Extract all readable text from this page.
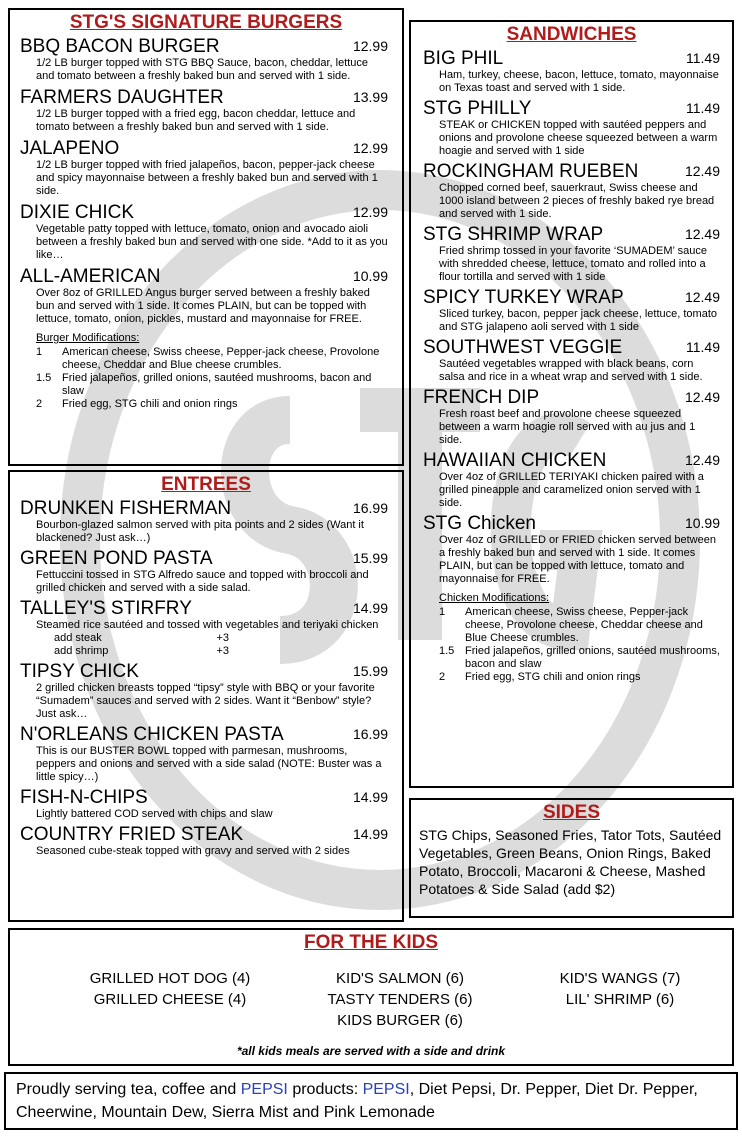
STG'S SIGNATURE BURGERS
BBQ BACON BURGER	12.99
1/2 LB burger topped with STG BBQ Sauce, bacon, cheddar, lettuce and tomato between a freshly baked bun and served with 1 side.
FARMERS DAUGHTER	13.99
1/2 LB burger topped with a fried egg, bacon cheddar, lettuce and tomato between a freshly baked bun and served with 1 side.
JALAPENO	12.99
1/2 LB burger topped with fried jalapeños, bacon, pepper-jack cheese and spicy mayonnaise between a freshly baked bun and served with 1 side.
DIXIE CHICK	12.99
Vegetable patty topped with lettuce, tomato, onion and avocado aioli between a freshly baked bun and served with one side. *Add to it as you like…
ALL-AMERICAN	10.99
Over 8oz of GRILLED Angus burger served between a freshly baked bun and served with 1 side. It comes PLAIN, but can be topped with lettuce, tomato, onion, pickles, mustard and mayonnaise for FREE.
Burger Modifications:
1	American cheese, Swiss cheese, Pepper-jack cheese, Provolone cheese, Cheddar and Blue cheese crumbles.
1.5 Fried jalapeños, grilled onions, sautéed mushrooms, bacon and slaw
2	Fried egg, STG chili and onion rings
ENTREES
DRUNKEN FISHERMAN	16.99
Bourbon-glazed salmon served with pita points and 2 sides (Want it blackened? Just ask…)
GREEN POND PASTA	15.99
Fettuccini tossed in STG Alfredo sauce and topped with broccoli and grilled chicken and served with a side salad.
TALLEY'S STIRFRY	14.99
Steamed rice sautéed and tossed with vegetables and teriyaki chicken
add steak	+3
add shrimp	+3
TIPSY CHICK	15.99
2 grilled chicken breasts topped “tipsy” style with BBQ or your favorite “Sumadem” sauces and served with 2 sides. Want it “Benbow” style? Just ask…
N'ORLEANS CHICKEN PASTA	16.99
This is our BUSTER BOWL topped with parmesan, mushrooms, peppers and onions and served with a side salad (NOTE: Buster was a little spicy…)
FISH-N-CHIPS	14.99
Lightly battered COD served with chips and slaw
COUNTRY FRIED STEAK	14.99
Seasoned cube-steak topped with gravy and served with 2 sides
SANDWICHES
BIG PHIL	11.49
Ham, turkey, cheese, bacon, lettuce, tomato, mayonnaise on Texas toast and served with 1 side.
STG PHILLY	11.49
STEAK or CHICKEN topped with sautéed peppers and onions and provolone cheese squeezed between a warm hoagie and served with 1 side
ROCKINGHAM RUEBEN	12.49
Chopped corned beef, sauerkraut, Swiss cheese and 1000 island between 2 pieces of freshly baked rye bread and served with 1 side.
STG SHRIMP WRAP	12.49
Fried shrimp tossed in your favorite ‘SUMADEM’ sauce with shredded cheese, lettuce, tomato and rolled into a flour tortilla and served with 1 side
SPICY TURKEY WRAP	12.49
Sliced turkey, bacon, pepper jack cheese, lettuce, tomato and STG jalapeno aoli served with 1 side
SOUTHWEST VEGGIE	11.49
Sautéed vegetables wrapped with black beans, corn salsa and rice in a wheat wrap and served with 1 side.
FRENCH DIP	12.49
Fresh roast beef and provolone cheese squeezed between a warm hoagie roll served with au jus and 1 side.
HAWAIIAN CHICKEN	12.49
Over 4oz of GRILLED TERIYAKI chicken paired with a grilled pineapple and caramelized onion served with 1 side.
STG Chicken	10.99
Over 4oz of GRILLED or FRIED chicken served between a freshly baked bun and served with 1 side. It comes PLAIN, but can be topped with lettuce, tomato and mayonnaise for FREE.
Chicken Modifications:
1	American cheese, Swiss cheese, Pepper-jack cheese, Provolone cheese, Cheddar cheese and Blue Cheese crumbles.
1.5 Fried jalapeños, grilled onions, sautéed mushrooms, bacon and slaw
2	Fried egg, STG chili and onion rings
SIDES
STG Chips, Seasoned Fries, Tator Tots, Sautéed Vegetables, Green Beans, Onion Rings, Baked Potato, Broccoli, Macaroni & Cheese, Mashed Potatoes & Side Salad (add $2)
FOR THE KIDS
GRILLED HOT DOG (4)
GRILLED CHEESE (4)
KID'S SALMON (6)
TASTY TENDERS (6)
KIDS BURGER (6)
KID'S WANGS (7)
LIL' SHRIMP (6)
*all kids meals are served with a side and drink
Proudly serving tea, coffee and PEPSI products: PEPSI, Diet Pepsi, Dr. Pepper, Diet Dr. Pepper, Cheerwine, Mountain Dew, Sierra Mist and Pink Lemonade
